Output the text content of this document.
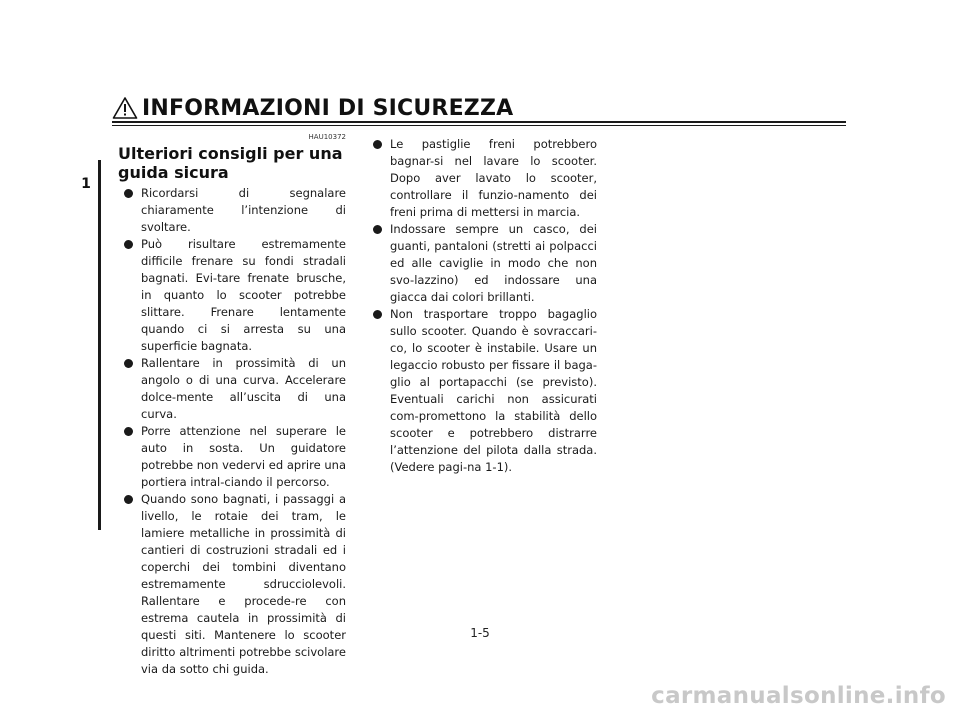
INFORMAZIONI DI SICUREZZA
1
HAU10372
Ulteriori consigli per una guida sicura
Ricordarsi di segnalare chiaramente l’intenzione di svoltare.
Può risultare estremamente difficile frenare su fondi stradali bagnati. Evi-tare frenate brusche, in quanto lo scooter potrebbe slittare. Frenare lentamente quando ci si arresta su una superficie bagnata.
Rallentare in prossimità di un angolo o di una curva. Accelerare dolce-mente all’uscita di una curva.
Porre attenzione nel superare le auto in sosta. Un guidatore potrebbe non vedervi ed aprire una portiera intral-ciando il percorso.
Quando sono bagnati, i passaggi a livello, le rotaie dei tram, le lamiere metalliche in prossimità di cantieri di costruzioni stradali ed i coperchi dei tombini diventano estremamente sdrucciolevoli. Rallentare e procede-re con estrema cautela in prossimità di questi siti. Mantenere lo scooter diritto altrimenti potrebbe scivolare via da sotto chi guida.
Le pastiglie freni potrebbero bagnar-si nel lavare lo scooter. Dopo aver lavato lo scooter, controllare il funzio-namento dei freni prima di mettersi in marcia.
Indossare sempre un casco, dei guanti, pantaloni (stretti ai polpacci ed alle caviglie in modo che non svo-lazzino) ed indossare una giacca dai colori brillanti.
Non trasportare troppo bagaglio sullo scooter. Quando è sovraccari-co, lo scooter è instabile. Usare un legaccio robusto per fissare il baga-glio al portapacchi (se previsto). Eventuali carichi non assicurati com-promettono la stabilità dello scooter e potrebbero distrarre l’attenzione del pilota dalla strada. (Vedere pagi-na 1-1).
1-5
carmanualsonline.info
